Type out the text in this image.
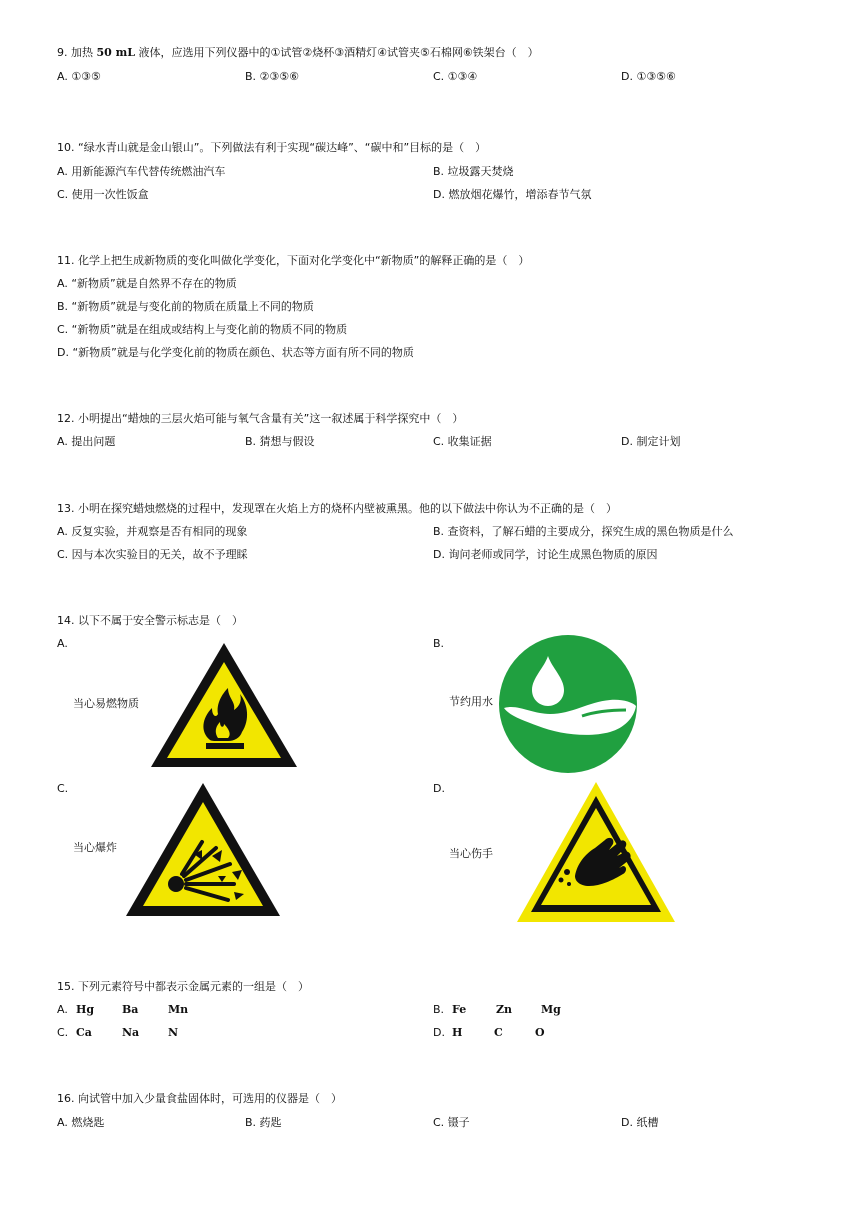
9. 加热 50 mL 液体，应选用下列仪器中的①试管②烧杯③酒精灯④试管夹⑤石棉网⑥铁架台（　）
A. ①③⑤	B. ②③⑤⑥	C. ①③④	D. ①③⑤⑥
10. “绿水青山就是金山银山”。下列做法有利于实现“碳达峰”、“碳中和”目标的是（　）
A. 用新能源汽车代替传统燃油汽车	B. 垃圾露天焚烧
C. 使用一次性饭盒	D. 燃放烟花爆竹，增添春节气氛
11. 化学上把生成新物质的变化叫做化学变化，下面对化学变化中“新物质”的解释正确的是（　）
A. “新物质”就是自然界不存在的物质
B. “新物质”就是与变化前的物质在质量上不同的物质
C. “新物质”就是在组成或结构上与变化前的物质不同的物质
D. “新物质”就是与化学变化前的物质在颜色、状态等方面有所不同的物质
12. 小明提出“蜡烛的三层火焰可能与氧气含量有关”这一叙述属于科学探究中（　）
A. 提出问题	B. 猜想与假设	C. 收集证据	D. 制定计划
13. 小明在探究蜡烛燃烧的过程中，发现罩在火焰上方的烧杯内壁被熏黑。他的以下做法中你认为不正确的是（　）
A. 反复实验，并观察是否有相同的现象	B. 查资料，了解石蜡的主要成分，探究生成的黑色物质是什么
C. 因与本次实验目的无关，故不予理睬	D. 询问老师或同学，讨论生成黑色物质的原因
14. 以下不属于安全警示标志是（　）
A.
当心易燃物质
B.
节约用水
C.
当心爆炸
D.
当心伤手
15. 下列元素符号中都表示金属元素的一组是（　）
A. Hg	Ba	Mn	B. Fe	Zn	Mg
C. Ca	Na	N	D. H	C	O
16. 向试管中加入少量食盐固体时，可选用的仪器是（　）
A. 燃烧匙	B. 药匙	C. 镊子	D. 纸槽
